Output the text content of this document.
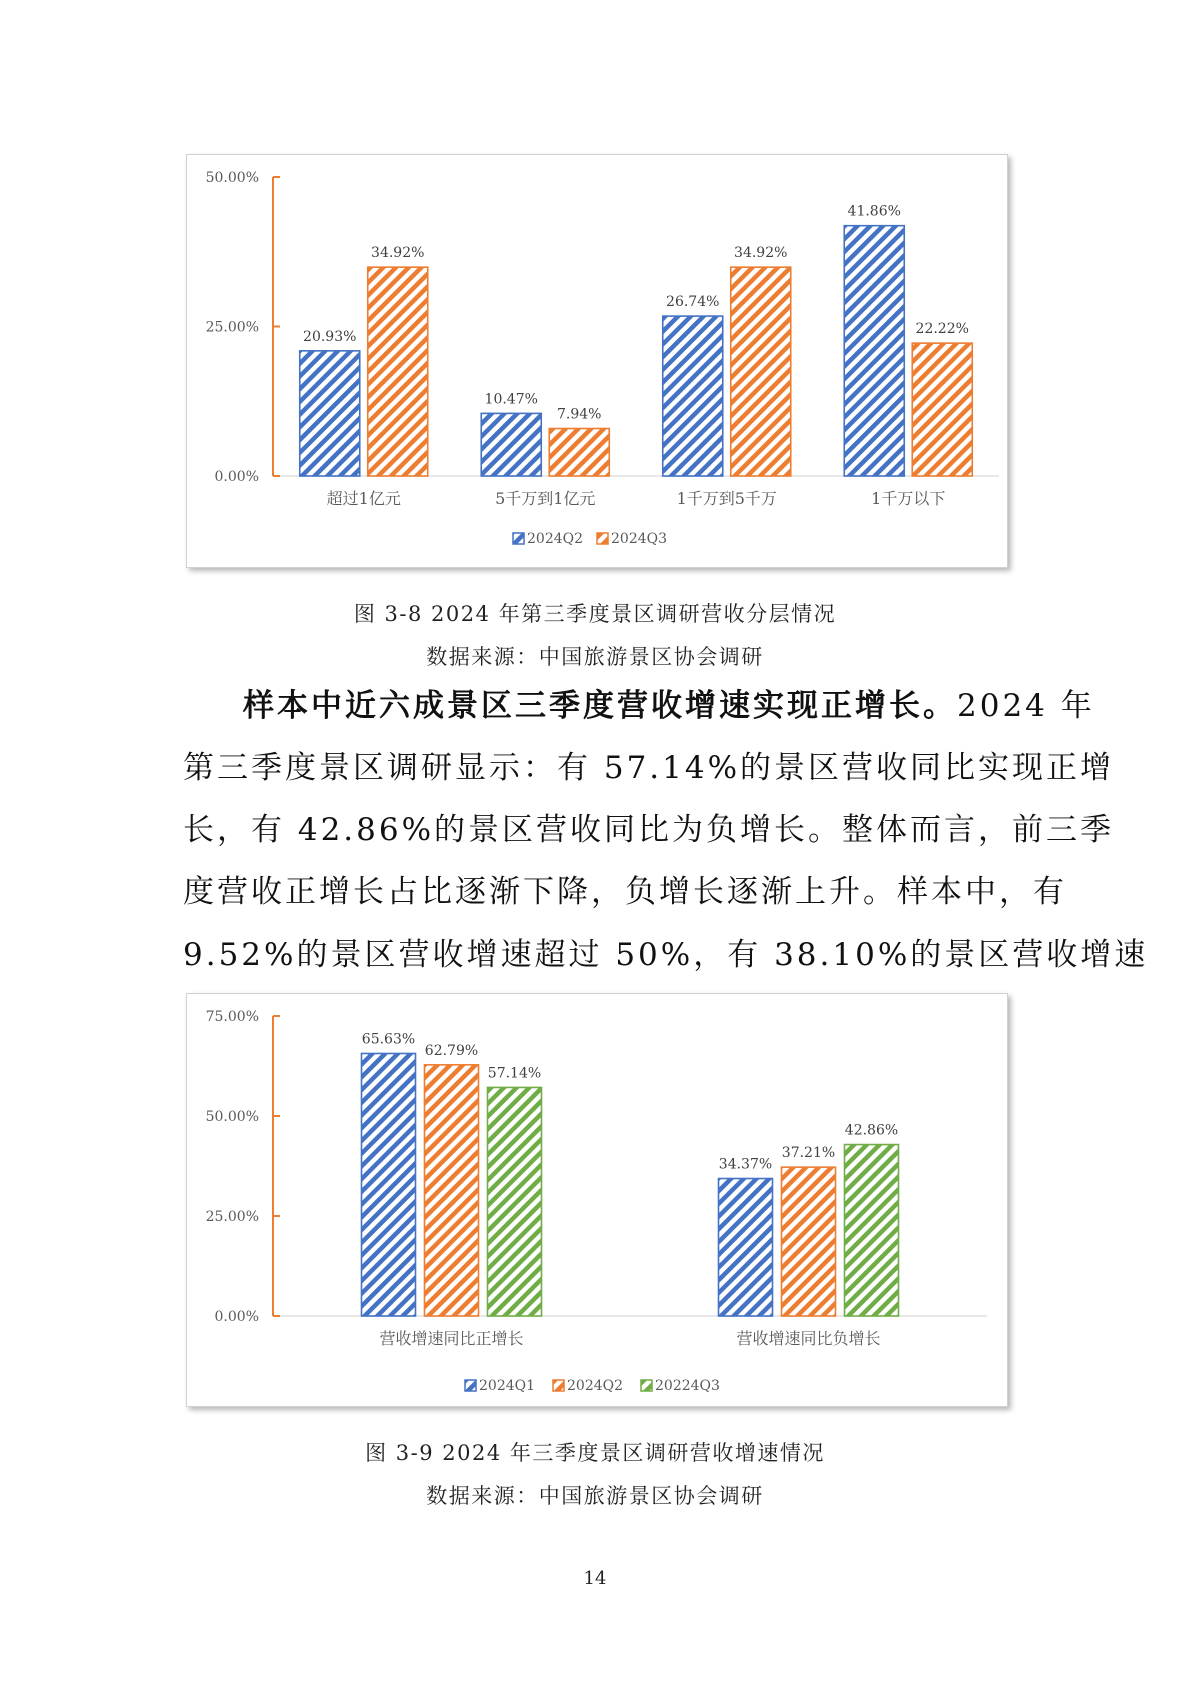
0.00%
25.00%
50.00%
20.93%
34.92%
超过1亿元
10.47%
7.94%
5千万到1亿元
26.74%
34.92%
1千万到5千万
41.86%
22.22%
1千万以下
2024Q2 2024Q3
图 3-8 2024 年第三季度景区调研营收分层情况
数据来源：中国旅游景区协会调研
样本中近六成景区三季度营收增速实现正增长。2024 年
第三季度景区调研显示：有 57.14%的景区营收同比实现正增
长，有 42.86%的景区营收同比为负增长。整体而言，前三季
度营收正增长占比逐渐下降，负增长逐渐上升。样本中，有
9.52%的景区营收增速超过 50%，有 38.10%的景区营收增速
0.00%
25.00%
50.00%
75.00%
65.63%
62.79%
57.14%
营收增速同比正增长
34.37%
37.21%
42.86%
营收增速同比负增长
2024Q1 2024Q2 20224Q3
图 3-9 2024 年三季度景区调研营收增速情况
数据来源：中国旅游景区协会调研
14
